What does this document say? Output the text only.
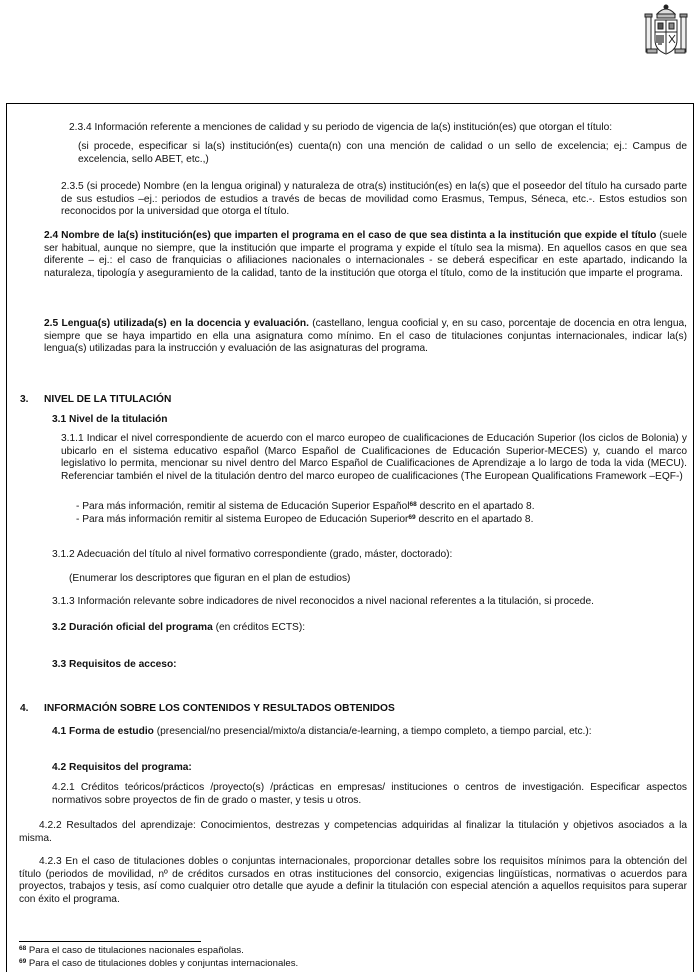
2.3.4 Información referente a menciones de calidad y su periodo de vigencia de la(s) institución(es) que otorgan el título:
(si procede, especificar si la(s) institución(es) cuenta(n) con una mención de calidad o un sello de excelencia; ej.: Campus de excelencia, sello ABET, etc.,)
2.3.5 (si procede) Nombre (en la lengua original) y naturaleza de otra(s) institución(es) en la(s) que el poseedor del título ha cursado parte de sus estudios –ej.: periodos de estudios a través de becas de movilidad como Erasmus, Tempus, Séneca, etc.-. Estos estudios son reconocidos por la universidad que otorga el título.
2.4 Nombre de la(s) institución(es) que imparten el programa en el caso de que sea distinta a la institución que expide el título (suele ser habitual, aunque no siempre, que la institución que imparte el programa y expide el título sea la misma). En aquellos casos en que sea diferente – ej.: el caso de franquicias o afiliaciones nacionales o internacionales - se deberá especificar en este apartado, indicando la naturaleza, tipología y aseguramiento de la calidad, tanto de la institución que otorga el título, como de la institución que imparte el programa.
2.5 Lengua(s) utilizada(s) en la docencia y evaluación. (castellano, lengua cooficial y, en su caso, porcentaje de docencia en otra lengua, siempre que se haya impartido en ella una asignatura como mínimo. En el caso de titulaciones conjuntas internacionales, indicar la(s) lengua(s) utilizadas para la instrucción y evaluación de las asignaturas del programa.
3. NIVEL DE LA TITULACIÓN
3.1 Nivel de la titulación
3.1.1 Indicar el nivel correspondiente de acuerdo con el marco europeo de cualificaciones de Educación Superior (los ciclos de Bolonia) y ubicarlo en el sistema educativo español (Marco Español de Cualificaciones de Educación Superior-MECES) y, cuando el marco legislativo lo permita, mencionar su nivel dentro del Marco Español de Cualificaciones de Aprendizaje a lo largo de toda la vida (MECU). Referenciar también el nivel de la titulación dentro del marco europeo de cualificaciones (The European Qualifications Framework –EQF-)
- Para más información, remitir al sistema de Educación Superior Español$^{68}$ descrito en el apartado 8.
- Para más información remitir al sistema Europeo de Educación Superior$^{69}$ descrito en el apartado 8.
3.1.2 Adecuación del título al nivel formativo correspondiente (grado, máster, doctorado):
(Enumerar los descriptores que figuran en el plan de estudios)
3.1.3 Información relevante sobre indicadores de nivel reconocidos a nivel nacional referentes a la titulación, si procede.
3.2 Duración oficial del programa (en créditos ECTS):
3.3 Requisitos de acceso:
4. INFORMACIÓN SOBRE LOS CONTENIDOS Y RESULTADOS OBTENIDOS
4.1 Forma de estudio (presencial/no presencial/mixto/a distancia/e-learning, a tiempo completo, a tiempo parcial, etc.):
4.2 Requisitos del programa:
4.2.1 Créditos teóricos/prácticos /proyecto(s) /prácticas en empresas/ instituciones o centros de investigación. Especificar aspectos normativos sobre proyectos de fin de grado o master, y tesis u otros.
4.2.2 Resultados del aprendizaje: Conocimientos, destrezas y competencias adquiridas al finalizar la titulación y objetivos asociados a la misma.
4.2.3 En el caso de titulaciones dobles o conjuntas internacionales, proporcionar detalles sobre los requisitos mínimos para la obtención del título (periodos de movilidad, nº de créditos cursados en otras instituciones del consorcio, exigencias lingüísticas, normativas o acuerdos para proyectos, trabajos y tesis, así como cualquier otro detalle que ayude a definir la titulación con especial atención a aquellos requisitos para superar con éxito el programa.
$^{68}$ Para el caso de titulaciones nacionales españolas.
$^{69}$ Para el caso de titulaciones dobles y conjuntas internacionales.
